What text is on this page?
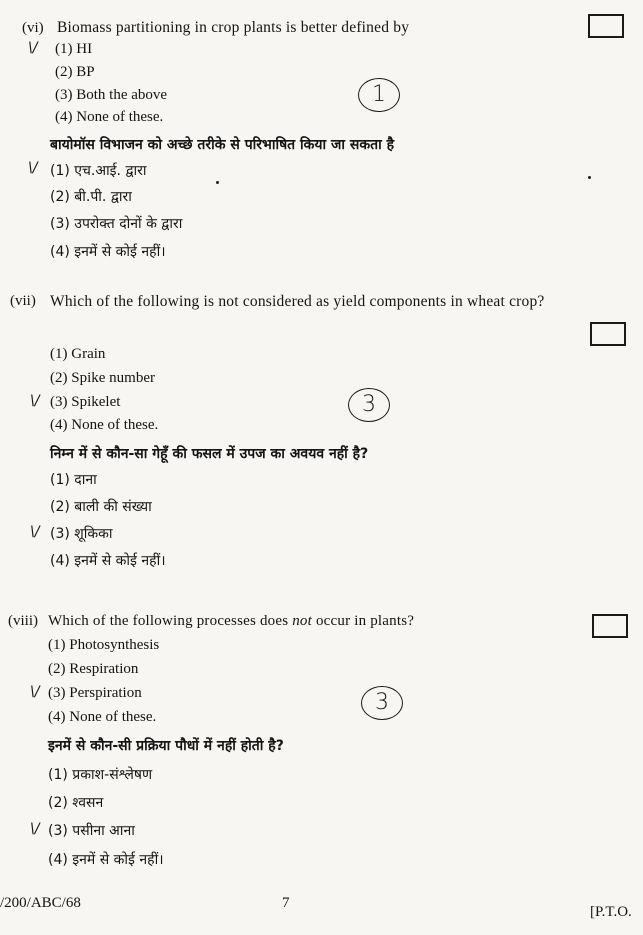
(vi) Biomass partitioning in crop plants is better defined by
\/ (1) HI
(2) BP
(3) Both the above
(4) None of these.
1
बायोमॉस विभाजन को अच्छे तरीके से परिभाषित किया जा सकता है
\/ (1) एच.आई. द्वारा
(2) बी.पी. द्वारा
(3) उपरोक्त दोनों के द्वारा
(4) इनमें से कोई नहीं।
(vii) Which of the following is not considered as yield components in wheat crop?
(1) Grain
(2) Spike number
\/ (3) Spikelet
(4) None of these.
3
निम्न में से कौन-सा गेहूँ की फसल में उपज का अवयव नहीं है?
(1) दाना
(2) बाली की संख्या
\/ (3) शूकिका
(4) इनमें से कोई नहीं।
(viii) Which of the following processes does not occur in plants?
(1) Photosynthesis
(2) Respiration
\/ (3) Perspiration
(4) None of these.
3
इनमें से कौन-सी प्रक्रिया पौधों में नहीं होती है?
(1) प्रकाश-संश्लेषण
(2) श्वसन
\/ (3) पसीना आना
(4) इनमें से कोई नहीं।
/200/ABC/68	7
[P.T.O.
